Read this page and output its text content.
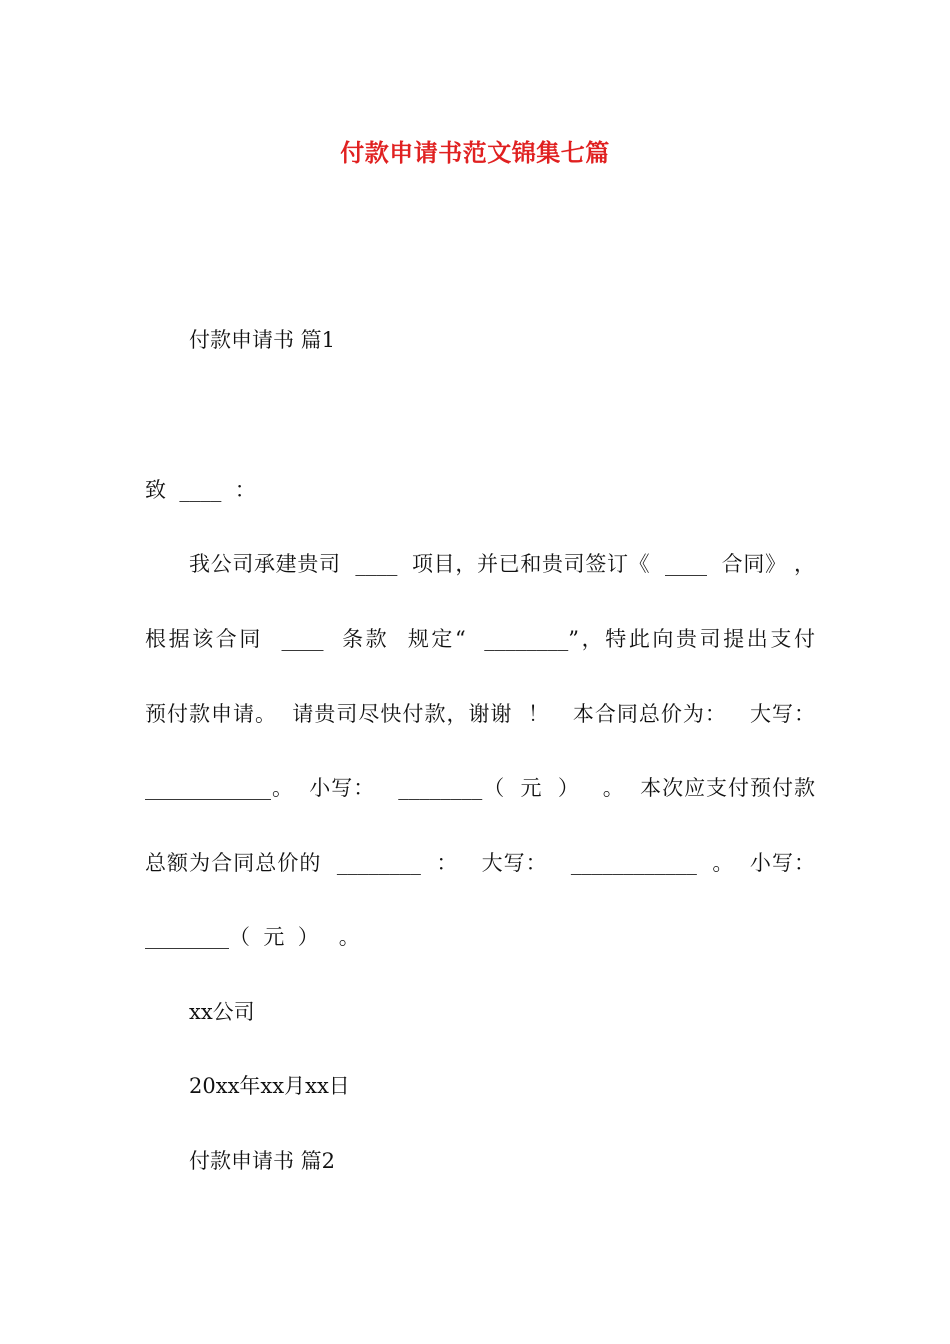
付款申请书范文锦集七篇
付款申请书 篇1
致  ____  ：
我公司承建贵司  ____  项目，并已和贵司签订《  ____  合同》 ，
根据该合同  ____  条款  规定“  ________”，特此向贵司提出支付
预付款申请。  请贵司尽快付款，谢谢  ！   本合同总价为：   大写：
____________。  小写：   ________（  元  ）   。  本次应支付预付款
总额为合同总价的  ________  ：   大写：   ____________  。  小写：
________（  元  ）   。
xx公司
20xx年xx月xx日
付款申请书 篇2
